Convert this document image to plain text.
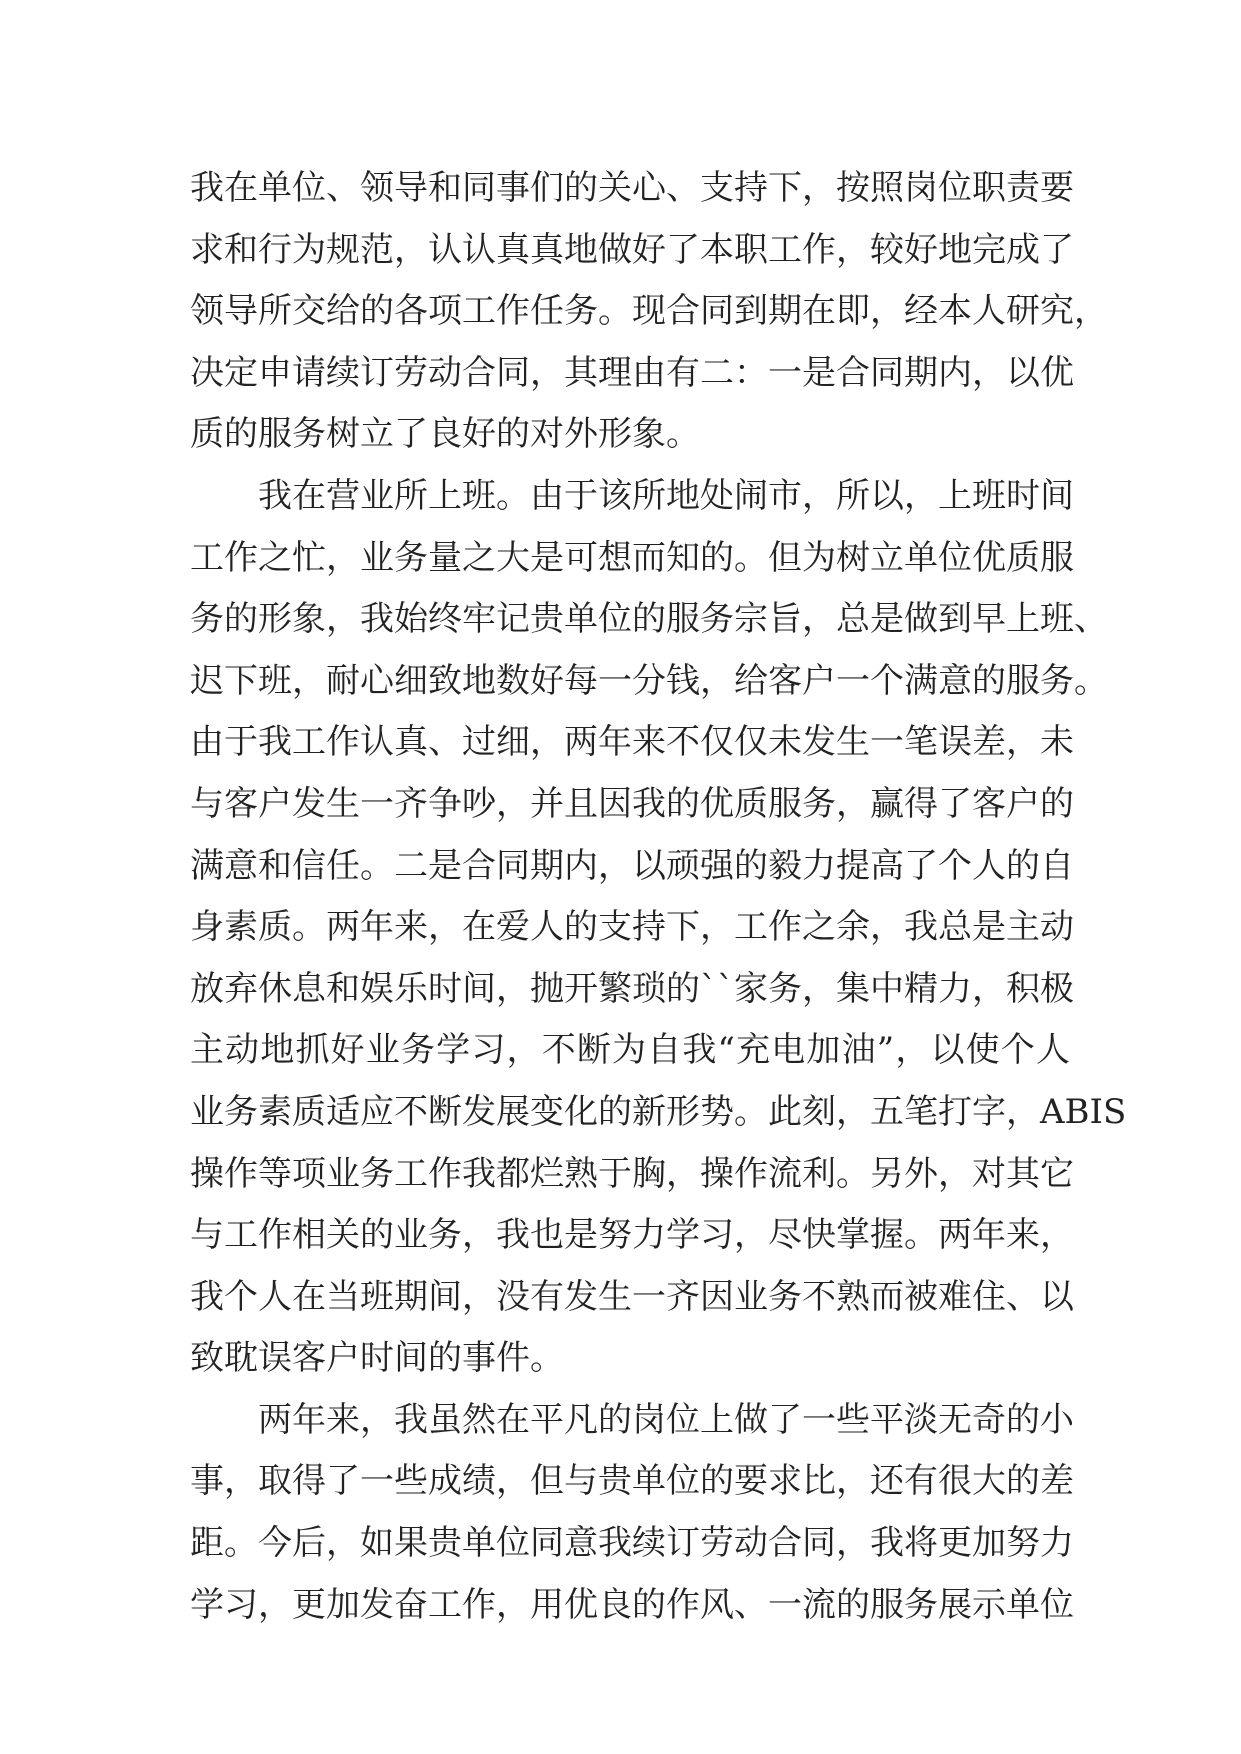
我在单位、领导和同事们的关心、支持下，按照岗位职责要
求和行为规范，认认真真地做好了本职工作，较好地完成了
领导所交给的各项工作任务。现合同到期在即，经本人研究，
决定申请续订劳动合同，其理由有二：一是合同期内，以优
质的服务树立了良好的对外形象。
我在营业所上班。由于该所地处闹市，所以，上班时间
工作之忙，业务量之大是可想而知的。但为树立单位优质服
务的形象，我始终牢记贵单位的服务宗旨，总是做到早上班、
迟下班，耐心细致地数好每一分钱，给客户一个满意的服务。
由于我工作认真、过细，两年来不仅仅未发生一笔误差，未
与客户发生一齐争吵，并且因我的优质服务，赢得了客户的
满意和信任。二是合同期内，以顽强的毅力提高了个人的自
身素质。两年来，在爱人的支持下，工作之余，我总是主动
放弃休息和娱乐时间，抛开繁琐的``家务，集中精力，积极
主动地抓好业务学习，不断为自我“充电加油”，以使个人
业务素质适应不断发展变化的新形势。此刻，五笔打字，ABIS
操作等项业务工作我都烂熟于胸，操作流利。另外，对其它
与工作相关的业务，我也是努力学习，尽快掌握。两年来，
我个人在当班期间，没有发生一齐因业务不熟而被难住、以
致耽误客户时间的事件。
两年来，我虽然在平凡的岗位上做了一些平淡无奇的小
事，取得了一些成绩，但与贵单位的要求比，还有很大的差
距。今后，如果贵单位同意我续订劳动合同，我将更加努力
学习，更加发奋工作，用优良的作风、一流的服务展示单位
